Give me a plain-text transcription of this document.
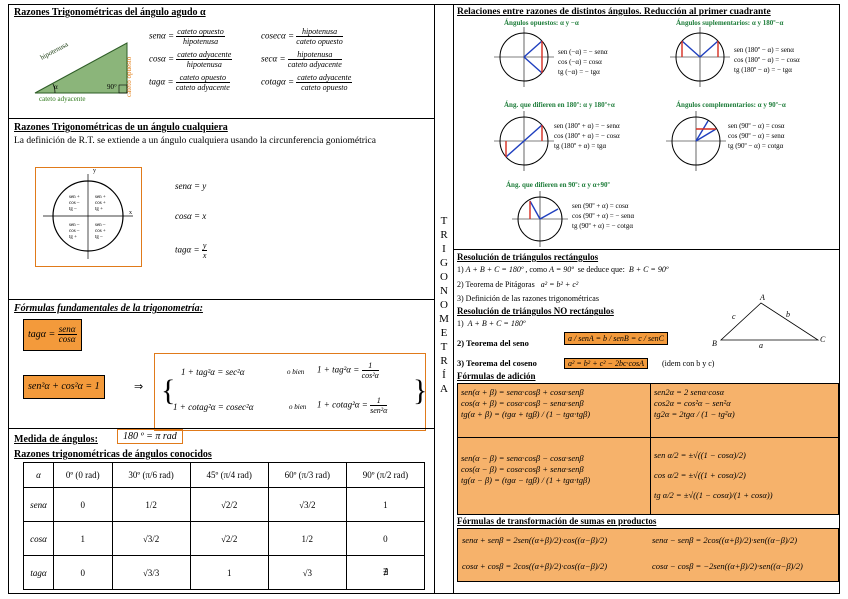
Razones Trigonométricas del ángulo agudo α
hipotenusa
α	90°
cateto adyacente
cateto opuesto
$sen\alpha = \frac{\text{cateto opuesto}}{\text{hipotenusa}}$
$\cos\alpha = \frac{\text{cateto adyacente}}{\text{hipotenusa}}$
$tag\alpha = \frac{\text{cateto opuesto}}{\text{cateto adyacente}}$
$cosec\alpha = \frac{\text{hipotenusa}}{\text{cateto opuesto}}$
$\sec\alpha = \frac{\text{hipotenusa}}{\text{cateto adyacente}}$
cotagα = $\frac{\text{cateto adyacente}}{\text{cateto opuesto}}$
Razones Trigonométricas de un ángulo cualquiera
La definición de R.T. se extiende a un ángulo cualquiera usando la circunferencia goniométrica
y
x
sen +
cos +
tg +
sen +
cos –
tg –
sen –
cos –
tg +
sen –
cos +
tg –
senα = y
cosα = x
$tag\alpha = \frac{y}{x}$
Fórmulas fundamentales de la trigonometría:
$tag\alpha = \frac{\text{senα}}{\cos\alpha}$
sen²α + cos²α = 1	⇒ {	}
1 + tag²α = sec²α	o bien $1 + tag^2\alpha = \frac{1}{\text{cos²α}}$
1 + cotag²α = cosec²α	o bien 1 + cotag²α = $\frac{1}{\text{sen²α}}$
Medida de ángulos:	180 º = π rad
Razones trigonométricas de ángulos conocidos
α	0º (0 rad)	30º (π/6 rad)	45º (π/4 rad)	60º (π/3 rad)	90º (π/2 rad)
senα	0	1/2	√2/2	√3/2	1
cosα	1	√3/2	√2/2	1/2	0
tagα	0	√3/3	1	√3	∄
T
R
I
G
O
N
O
M
E
T
R
Í
A
Relaciones entre razones de distintos ángulos. Reducción al primer cuadrante
Ángulos opuestos: α y −α
sen (−α) = − senα
cos (−α) = cosα
tg (−α) = − tgα
Ángulos suplementarios: α y 180º−α
sen (180º − α) = senα
cos (180º − α) = − cosα
tg (180º − α) = − tgα
Áng. que difieren en 180º: α y 180º+α
sen (180º + α) = − senα
cos (180º + α) = − cosα
tg (180º + α) = tgα
Ángulos complementarios: α y 90º−α
sen (90º − α) = cosα
cos (90º − α) = senα
tg (90º − α) = cotgα
Áng. que difieren en 90º: α y α+90º
sen (90º + α) = cosα
cos (90º + α) = − senα
tg (90º + α) = − cotgα
Resolución de triángulos rectángulos
1) A + B + C = 180º , como A = 90º se deduce que: B + C = 90º
2) Teorema de Pitágoras a² = b² + c²
3) Definición de las razones trigonométricas
Resolución de triángulos NO rectángulos
1) A + B + C = 180º
2) Teorema del seno	a / senA = b / senB = c / senC
3) Teorema del coseno	a² = b² + c² − 2bc·cosA	(idem con b y c)
A
B	C
a
b
c
Fórmulas de adición
sen(α + β) = senα·cosβ + cosα·senβ
cos(α + β) = cosα·cosβ − senα·senβ
tg(α + β) = (tgα + tgβ) / (1 − tgα·tgβ)
sen2α = 2 senα·cosα
cos2α = cos²α − sen²α
tg2α = 2tgα / (1 − tg²α)
sen(α − β) = senα·cosβ − cosα·senβ
cos(α − β) = cosα·cosβ + senα·senβ
tg(α − β) = (tgα − tgβ) / (1 + tgα·tgβ)
sen α/2 = ±√((1 − cosα)/2)
cos α/2 = ±√((1 + cosα)/2)
tg α/2 = ±√((1 − cosα)/(1 + cosα))
Fórmulas de transformación de sumas en productos
senα + senβ = 2sen((α+β)/2)·cos((α−β)/2)	senα − senβ = 2cos((α+β)/2)·sen((α−β)/2)
cosα + cosβ = 2cos((α+β)/2)·cos((α−β)/2)	cosα − cosβ = −2sen((α+β)/2)·sen((α−β)/2)
